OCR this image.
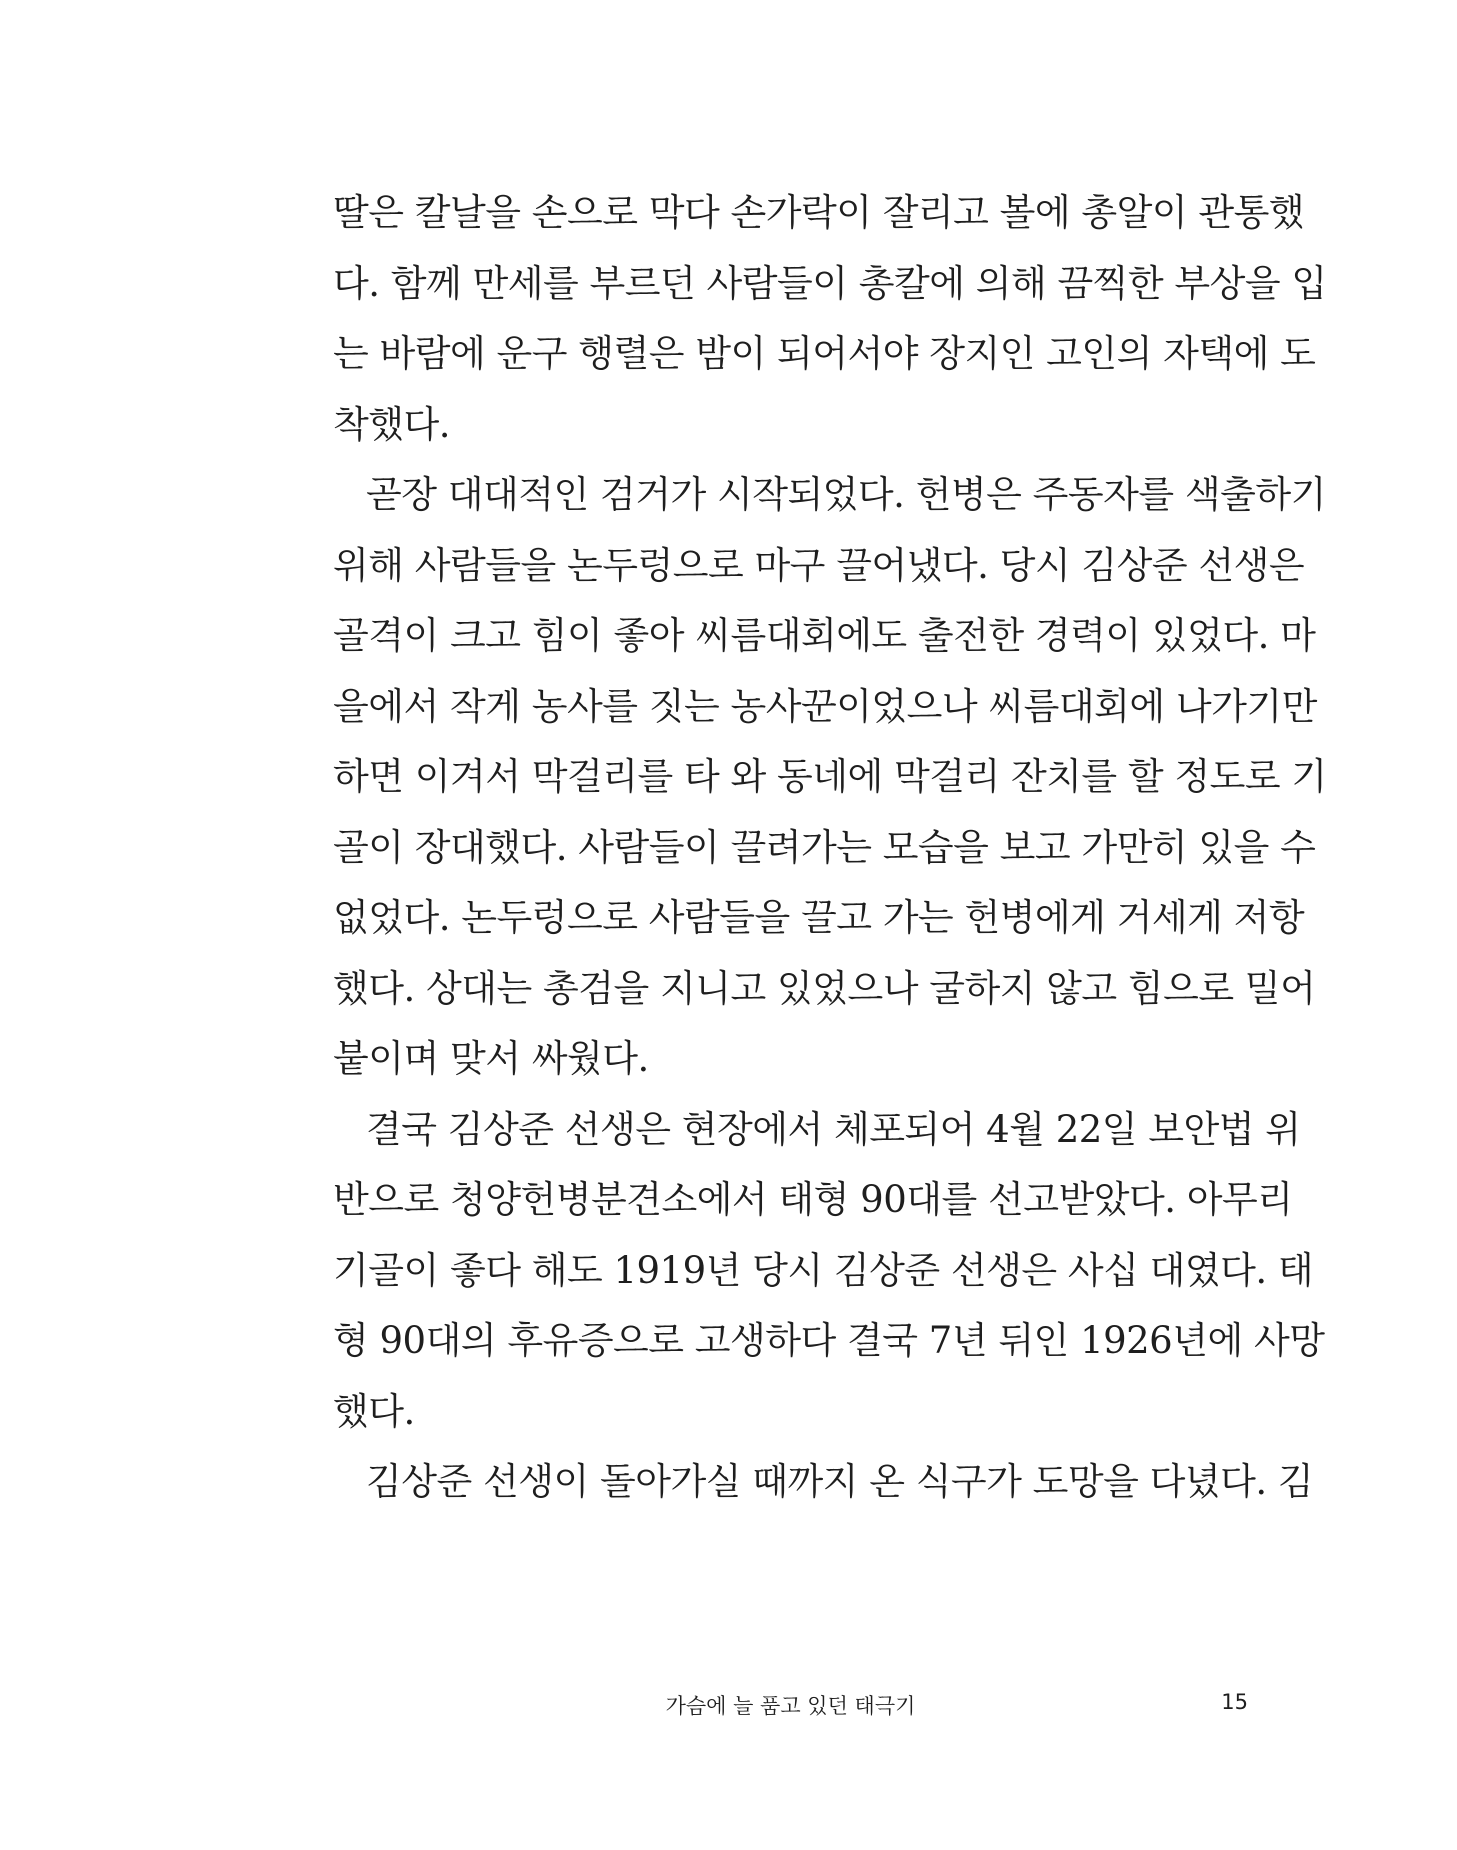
딸은 칼날을 손으로 막다 손가락이 잘리고 볼에 총알이 관통했
다. 함께 만세를 부르던 사람들이 총칼에 의해 끔찍한 부상을 입
는 바람에 운구 행렬은 밤이 되어서야 장지인 고인의 자택에 도
착했다.
곧장 대대적인 검거가 시작되었다. 헌병은 주동자를 색출하기
위해 사람들을 논두렁으로 마구 끌어냈다. 당시 김상준 선생은
골격이 크고 힘이 좋아 씨름대회에도 출전한 경력이 있었다. 마
을에서 작게 농사를 짓는 농사꾼이었으나 씨름대회에 나가기만
하면 이겨서 막걸리를 타 와 동네에 막걸리 잔치를 할 정도로 기
골이 장대했다. 사람들이 끌려가는 모습을 보고 가만히 있을 수
없었다. 논두렁으로 사람들을 끌고 가는 헌병에게 거세게 저항
했다. 상대는 총검을 지니고 있었으나 굴하지 않고 힘으로 밀어
붙이며 맞서 싸웠다.
결국 김상준 선생은 현장에서 체포되어 4월 22일 보안법 위
반으로 청양헌병분견소에서 태형 90대를 선고받았다. 아무리
기골이 좋다 해도 1919년 당시 김상준 선생은 사십 대였다. 태
형 90대의 후유증으로 고생하다 결국 7년 뒤인 1926년에 사망
했다.
김상준 선생이 돌아가실 때까지 온 식구가 도망을 다녔다. 김
가슴에 늘 품고 있던 태극기	15
